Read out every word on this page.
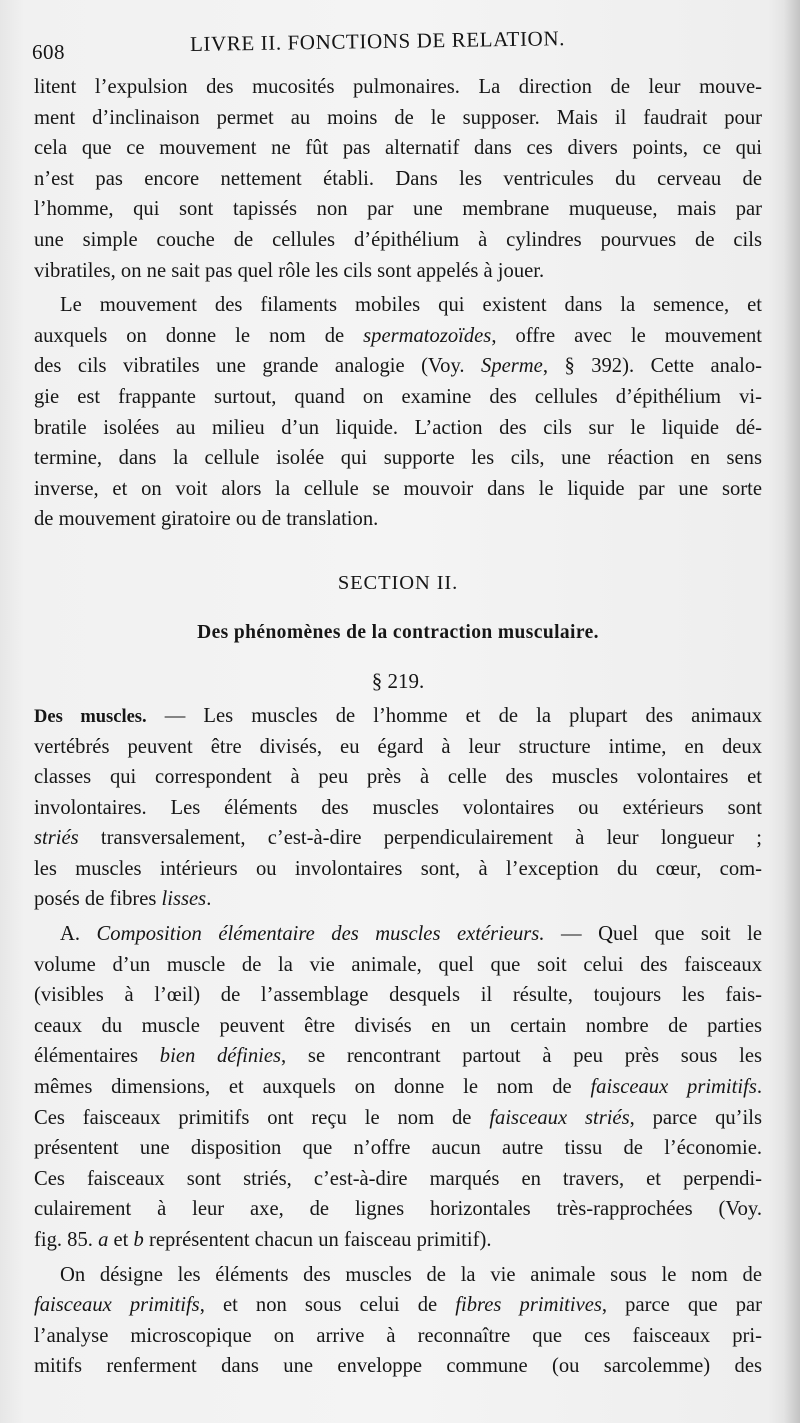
608	LIVRE II. FONCTIONS DE RELATION.
litent l’expulsion des mucosités pulmonaires. La direction de leur mouve-
ment d’inclinaison permet au moins de le supposer. Mais il faudrait pour
cela que ce mouvement ne fût pas alternatif dans ces divers points, ce qui
n’est pas encore nettement établi. Dans les ventricules du cerveau de
l’homme, qui sont tapissés non par une membrane muqueuse, mais par
une simple couche de cellules d’épithélium à cylindres pourvues de cils
vibratiles, on ne sait pas quel rôle les cils sont appelés à jouer.
Le mouvement des filaments mobiles qui existent dans la semence, et
auxquels on donne le nom de spermatozoïdes, offre avec le mouvement
des cils vibratiles une grande analogie (Voy. Sperme, § 392). Cette analo-
gie est frappante surtout, quand on examine des cellules d’épithélium vi-
bratile isolées au milieu d’un liquide. L’action des cils sur le liquide dé-
termine, dans la cellule isolée qui supporte les cils, une réaction en sens
inverse, et on voit alors la cellule se mouvoir dans le liquide par une sorte
de mouvement giratoire ou de translation.
SECTION II.
Des phénomènes de la contraction musculaire.
§ 219.
Des muscles. — Les muscles de l’homme et de la plupart des animaux
vertébrés peuvent être divisés, eu égard à leur structure intime, en deux
classes qui correspondent à peu près à celle des muscles volontaires et
involontaires. Les éléments des muscles volontaires ou extérieurs sont
striés transversalement, c’est-à-dire perpendiculairement à leur longueur ;
les muscles intérieurs ou involontaires sont, à l’exception du cœur, com-
posés de fibres lisses.
A. Composition élémentaire des muscles extérieurs. — Quel que soit le
volume d’un muscle de la vie animale, quel que soit celui des faisceaux
(visibles à l’œil) de l’assemblage desquels il résulte, toujours les fais-
ceaux du muscle peuvent être divisés en un certain nombre de parties
élémentaires bien définies, se rencontrant partout à peu près sous les
mêmes dimensions, et auxquels on donne le nom de faisceaux primitifs.
Ces faisceaux primitifs ont reçu le nom de faisceaux striés, parce qu’ils
présentent une disposition que n’offre aucun autre tissu de l’économie.
Ces faisceaux sont striés, c’est-à-dire marqués en travers, et perpendi-
culairement à leur axe, de lignes horizontales très-rapprochées (Voy.
fig. 85. a et b représentent chacun un faisceau primitif).
On désigne les éléments des muscles de la vie animale sous le nom de
faisceaux primitifs, et non sous celui de fibres primitives, parce que par
l’analyse microscopique on arrive à reconnaître que ces faisceaux pri-
mitifs renferment dans une enveloppe commune (ou sarcolemme) des
